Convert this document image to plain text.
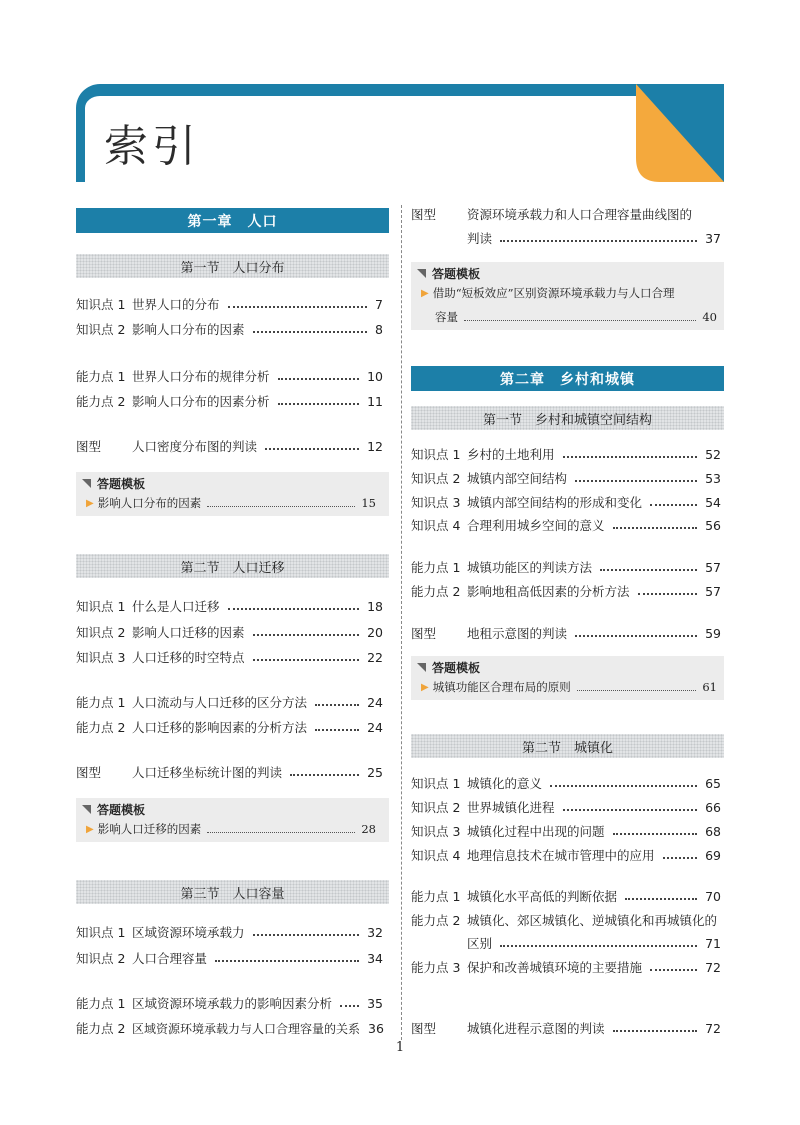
索引
第一章　人口
第一节　人口分布
知识点 1 世界人口的分布	7
知识点 2 影响人口分布的因素	8
能力点 1 世界人口分布的规律分析	10
能力点 2 影响人口分布的因素分析	11
图型	人口密度分布图的判读	12
答题模板
▶ 影响人口分布的因素	15
第二节　人口迁移
知识点 1 什么是人口迁移	18
知识点 2 影响人口迁移的因素	20
知识点 3 人口迁移的时空特点	22
能力点 1 人口流动与人口迁移的区分方法	24
能力点 2 人口迁移的影响因素的分析方法	24
图型	人口迁移坐标统计图的判读	25
答题模板
▶ 影响人口迁移的因素	28
第三节　人口容量
知识点 1 区域资源环境承载力	32
知识点 2 人口合理容量	34
能力点 1 区域资源环境承载力的影响因素分析	35
能力点 2 区域资源环境承载力与人口合理容量的关系 36
图型	资源环境承载力和人口合理容量曲线图的
判读	37
答题模板
▶ 借助“短板效应”区别资源环境承载力与人口合理
容量	40
第二章　乡村和城镇
第一节　乡村和城镇空间结构
知识点 1 乡村的土地利用	52
知识点 2 城镇内部空间结构	53
知识点 3 城镇内部空间结构的形成和变化	54
知识点 4 合理利用城乡空间的意义	56
能力点 1 城镇功能区的判读方法	57
能力点 2 影响地租高低因素的分析方法	57
图型	地租示意图的判读	59
答题模板
▶ 城镇功能区合理布局的原则	61
第二节　城镇化
知识点 1 城镇化的意义	65
知识点 2 世界城镇化进程	66
知识点 3 城镇化过程中出现的问题	68
知识点 4 地理信息技术在城市管理中的应用	69
能力点 1 城镇化水平高低的判断依据	70
能力点 2 城镇化、郊区城镇化、逆城镇化和再城镇化的
区别	71
能力点 3 保护和改善城镇环境的主要措施	72
图型	城镇化进程示意图的判读	72
1
